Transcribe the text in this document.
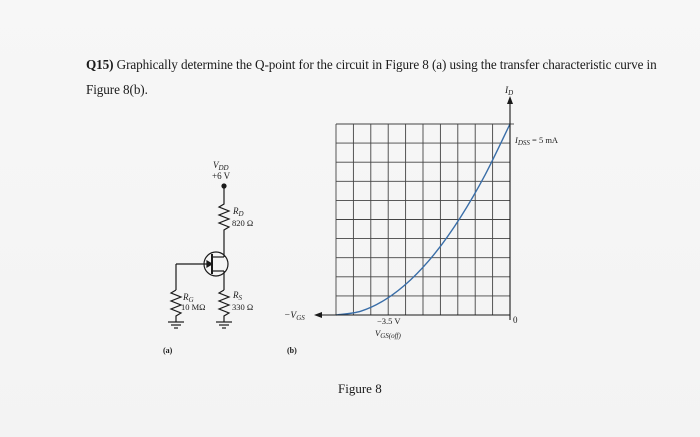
Q15) Graphically determine the Q-point for the circuit in Figure 8 (a) using the transfer characteristic curve in Figure 8(b).
$V_{DD}$
+6 V
$R_D$
820 Ω
$R_G$
10 MΩ
$R_S$
330 Ω
(a)	(b)
$I_D$
$-V_{GS}$
$I_{DSS} = 5$ mA
0
−3.5 V
$V_{GS(off)}$
Figure 8
